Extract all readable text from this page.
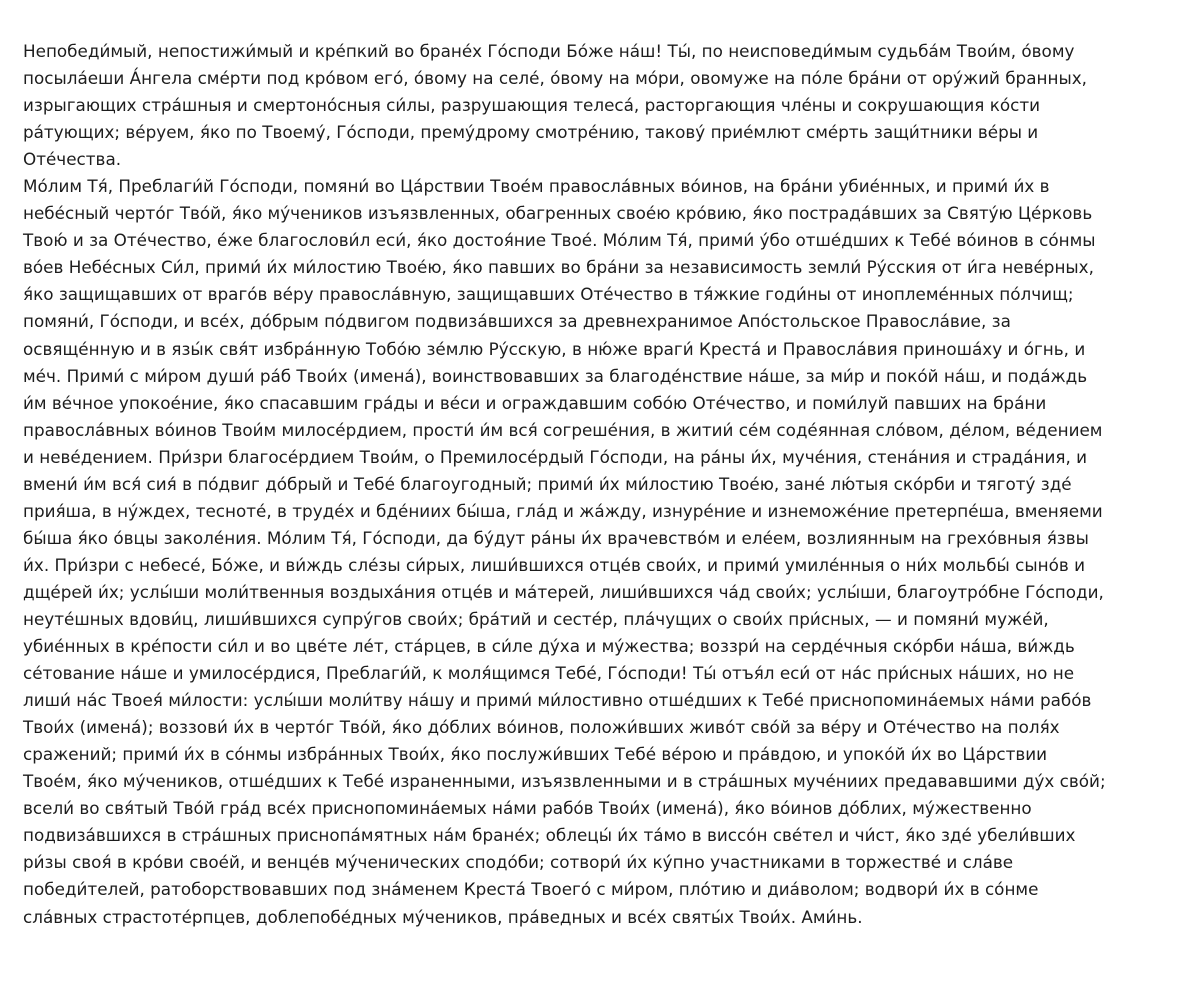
Непобеди́мый, непостижи́мый и кре́пкий во бране́х Го́споди Бо́же на́ш! Ты́, по неисповеди́мым судьба́м Твои́м, о́вому
посыла́еши А́нгела сме́рти под кро́вом его́, о́вому на селе́, о́вому на мо́ри, овомуже на по́ле бра́ни от ору́жий бранных,
изрыгающих стра́шныя и смертоно́сныя си́лы, разрушающия телеса́, расторгающия чле́ны и сокрушающия ко́сти
ра́тующих; ве́руем, я́ко по Твоему́, Го́споди, прему́дрому смотре́нию, такову́ прие́млют сме́рть защи́тники ве́ры и
Оте́чества.
Мо́лим Тя́, Преблаги́й Го́споди, помяни́ во Ца́рствии Твое́м правосла́вных во́инов, на бра́ни убие́нных, и прими́ и́х в
небе́сный черто́г Тво́й, я́ко му́чеников изъязвленных, обагренных свое́ю кро́вию, я́ко пострада́вших за Святу́ю Це́рковь
Твою́ и за Оте́чество, е́же благослови́л еси́, я́ко достоя́ние Твое́. Мо́лим Тя́, прими́ у́бо отше́дших к Тебе́ во́инов в со́нмы
во́ев Небе́сных Си́л, прими́ и́х ми́лостию Твое́ю, я́ко павших во бра́ни за независимость земли́ Ру́сския от и́га неве́рных,
я́ко защищавших от враго́в ве́ру правосла́вную, защищавших Оте́чество в тя́жкие годи́ны от иноплеме́нных по́лчищ;
помяни́, Го́споди, и все́х, до́брым по́двигом подвиза́вшихся за древнехранимое Апо́стольское Правосла́вие, за
освяще́нную и в язы́к свя́т избра́нную Тобо́ю зе́млю Ру́сскую, в ню́же враги́ Креста́ и Правосла́вия приноша́ху и о́гнь, и
ме́ч. Прими́ с ми́ром души́ ра́б Твои́х (имена́), воинствовавших за благоде́нствие на́ше, за ми́р и поко́й на́ш, и пода́ждь
и́м ве́чное упокое́ние, я́ко спасавшим гра́ды и ве́си и ограждавшим собо́ю Оте́чество, и поми́луй павших на бра́ни
правосла́вных во́инов Твои́м милосе́рдием, прости́ и́м вся́ согреше́ния, в житии́ се́м соде́янная сло́вом, де́лом, ве́дением
и неве́дением. При́зри благосе́рдием Твои́м, о Премилосе́рдый Го́споди, на ра́ны и́х, муче́ния, стена́ния и страда́ния, и
вмени́ и́м вся́ сия́ в по́двиг до́брый и Тебе́ благоугодный; прими́ и́х ми́лостию Твое́ю, зане́ лю́тыя ско́рби и тяготу́ зде́
прия́ша, в ну́ждех, тесноте́, в труде́х и бде́ниих бы́ша, гла́д и жа́жду, изнуре́ние и изнеможе́ние претерпе́ша, вменяеми
бы́ша я́ко о́вцы заколе́ния. Мо́лим Тя́, Го́споди, да бу́дут ра́ны и́х врачевство́м и еле́ем, возлиянным на грехо́вныя я́звы
и́х. При́зри с небесе́, Бо́же, и ви́ждь сле́зы си́рых, лиши́вшихся отце́в свои́х, и прими́ умиле́нныя о ни́х мольбы́ сыно́в и
дще́рей и́х; услы́ши моли́твенныя воздыха́ния отце́в и ма́терей, лиши́вшихся ча́д свои́х; услы́ши, благоутро́бне Го́споди,
неуте́шных вдови́ц, лиши́вшихся супру́гов свои́х; бра́тий и сесте́р, пла́чущих о свои́х при́сных, — и помяни́ муже́й,
убие́нных в кре́пости си́л и во цве́те ле́т, ста́рцев, в си́ле ду́ха и му́жества; воззри́ на серде́чныя ско́рби на́ша, ви́ждь
се́тование на́ше и умилосе́рдися, Преблаги́й, к моля́щимся Тебе́, Го́споди! Ты́ отъя́л еси́ от на́с при́сных на́ших, но не
лиши́ на́с Твоея́ ми́лости: услы́ши моли́тву на́шу и прими́ ми́лостивно отше́дших к Тебе́ приснопомина́емых на́ми рабо́в
Твои́х (имена́); воззови́ и́х в черто́г Тво́й, я́ко до́блих во́инов, положи́вших живо́т сво́й за ве́ру и Оте́чество на поля́х
сражений; прими́ и́х в со́нмы избра́нных Твои́х, я́ко послужи́вших Тебе́ ве́рою и пра́вдою, и упоко́й и́х во Ца́рствии
Твое́м, я́ко му́чеников, отше́дших к Тебе́ израненными, изъязвленными и в стра́шных муче́ниих предававшими ду́х сво́й;
всели́ во свя́тый Тво́й гра́д все́х приснопомина́емых на́ми рабо́в Твои́х (имена́), я́ко во́инов до́блих, му́жественно
подвиза́вшихся в стра́шных приснопа́мятных на́м бране́х; облецы́ и́х та́мо в виссо́н све́тел и чи́ст, я́ко зде́ убели́вших
ри́зы своя́ в кро́ви свое́й, и венце́в му́ченических сподо́би; сотвори́ и́х ку́пно участниками в торжестве́ и сла́ве
победи́телей, ратоборствовавших под зна́менем Креста́ Твоего́ с ми́ром, пло́тию и диа́волом; водвори́ и́х в со́нме
сла́вных страстоте́рпцев, доблепобе́дных му́чеников, пра́ведных и все́х святы́х Твои́х. Ами́нь.
